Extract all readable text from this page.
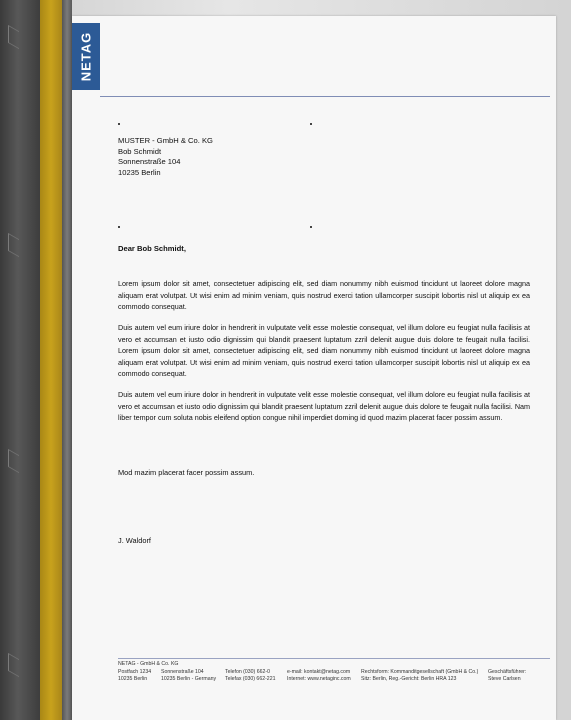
NETAG
MUSTER - GmbH & Co. KG
Bob Schmidt
Sonnenstraße 104
10235 Berlin
Dear Bob Schmidt,
Lorem ipsum dolor sit amet, consectetuer adipiscing elit, sed diam nonummy nibh euismod tincidunt ut laoreet dolore magna aliquam erat volutpat. Ut wisi enim ad minim veniam, quis nostrud exerci tation ullamcorper suscipit lobortis nisl ut aliquip ex ea commodo consequat.
Duis autem vel eum iriure dolor in hendrerit in vulputate velit esse molestie consequat, vel illum dolore eu feugiat nulla facilisis at vero et accumsan et iusto odio dignissim qui blandit praesent luptatum zzril delenit augue duis dolore te feugait nulla facilisi. Lorem ipsum dolor sit amet, consectetuer adipiscing elit, sed diam nonummy nibh euismod tincidunt ut laoreet dolore magna aliquam erat volutpat. Ut wisi enim ad minim veniam, quis nostrud exerci tation ullamcorper suscipit lobortis nisl ut aliquip ex ea commodo consequat.
Duis autem vel eum iriure dolor in hendrerit in vulputate velit esse molestie consequat, vel illum dolore eu feugiat nulla facilisis at vero et accumsan et iusto odio dignissim qui blandit praesent luptatum zzril delenit augue duis dolore te feugait nulla facilisi. Nam liber tempor cum soluta nobis eleifend option congue nihil imperdiet doming id quod mazim placerat facer possim assum.
Mod mazim placerat facer possim assum.
J. Waldorf
NETAG - GmbH & Co. KG
Postfach 1234
10235 Berlin
Sonnenstraße 104
10235 Berlin - Germany
Telefon (030) 662-0
Telefax (030) 662-221
e-mail: kontakt@netag.com
Internet: www.netaginc.com
Rechtsform: Kommanditgesellschaft (GmbH & Co.)
Sitz: Berlin, Reg.-Gericht: Berlin HRA 123
Geschäftsführer:
Steve Carlsen
